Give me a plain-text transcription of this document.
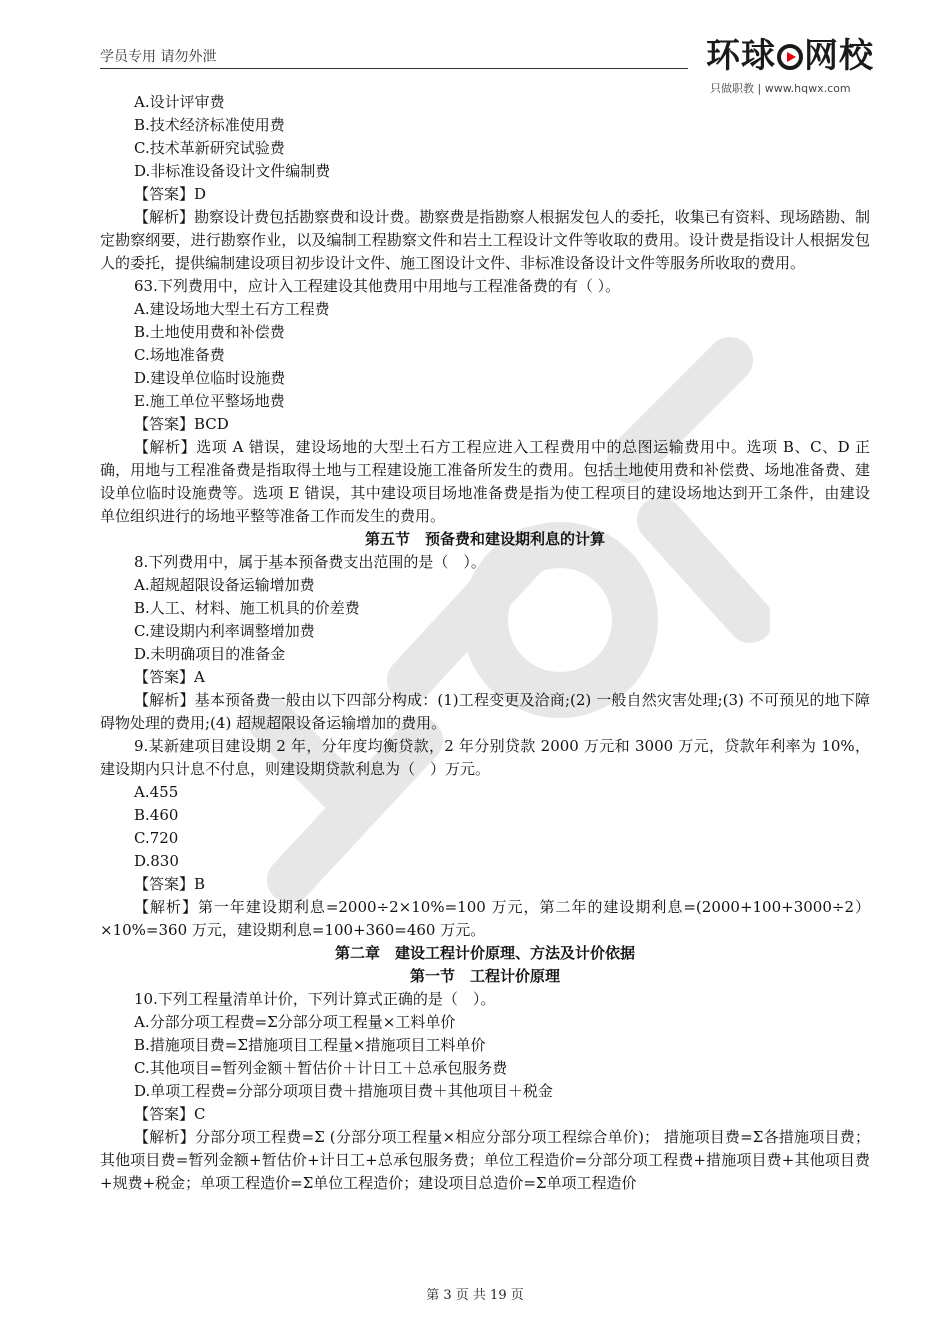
学员专用 请勿外泄	环球 网校
只做职教 | www.hqwx.com
A.设计评审费
B.技术经济标准使用费
C.技术革新研究试验费
D.非标准设备设计文件编制费
【答案】D
【解析】勘察设计费包括勘察费和设计费。勘察费是指勘察人根据发包人的委托，收集已有资料、现场踏勘、制定勘察纲要，进行勘察作业，以及编制工程勘察文件和岩土工程设计文件等收取的费用。设计费是指设计人根据发包人的委托，提供编制建设项目初步设计文件、施工图设计文件、非标准设备设计文件等服务所收取的费用。
63.下列费用中，应计入工程建设其他费用中用地与工程准备费的有（ ）。
A.建设场地大型土石方工程费
B.土地使用费和补偿费
C.场地准备费
D.建设单位临时设施费
E.施工单位平整场地费
【答案】BCD
【解析】选项 A 错误，建设场地的大型土石方工程应进入工程费用中的总图运输费用中。选项 B、C、D 正确，用地与工程准备费是指取得土地与工程建设施工准备所发生的费用。包括土地使用费和补偿费、场地准备费、建设单位临时设施费等。选项 E 错误，其中建设项目场地准备费是指为使工程项目的建设场地达到开工条件，由建设单位组织进行的场地平整等准备工作而发生的费用。
第五节　预备费和建设期利息的计算
8.下列费用中，属于基本预备费支出范围的是（　）。
A.超规超限设备运输增加费
B.人工、材料、施工机具的价差费
C.建设期内利率调整增加费
D.未明确项目的准备金
【答案】A
【解析】基本预备费一般由以下四部分构成：(1)工程变更及洽商;(2) 一般自然灾害处理;(3) 不可预见的地下障碍物处理的费用;(4) 超规超限设备运输增加的费用。
9.某新建项目建设期 2 年，分年度均衡贷款，2 年分别贷款 2000 万元和 3000 万元，贷款年利率为 10%，建设期内只计息不付息，则建设期贷款利息为（　）万元。
A.455
B.460
C.720
D.830
【答案】B
【解析】第一年建设期利息=2000÷2×10%=100 万元，第二年的建设期利息=(2000+100+3000÷2）×10%=360 万元，建设期利息=100+360=460 万元。
第二章　建设工程计价原理、方法及计价依据
第一节　工程计价原理
10.下列工程量清单计价，下列计算式正确的是（　）。
A.分部分项工程费=Σ分部分项工程量×工料单价
B.措施项目费=Σ措施项目工程量×措施项目工料单价
C.其他项目=暂列金额＋暂估价＋计日工＋总承包服务费
D.单项工程费=分部分项项目费＋措施项目费＋其他项目＋税金
【答案】C
【解析】分部分项工程费=Σ (分部分项工程量×相应分部分项工程综合单价)； 措施项目费=Σ各措施项目费；其他项目费=暂列金额+暂估价+计日工+总承包服务费；单位工程造价=分部分项工程费+措施项目费+其他项目费+规费+税金；单项工程造价=Σ单位工程造价；建设项目总造价=Σ单项工程造价
第 3 页 共 19 页
